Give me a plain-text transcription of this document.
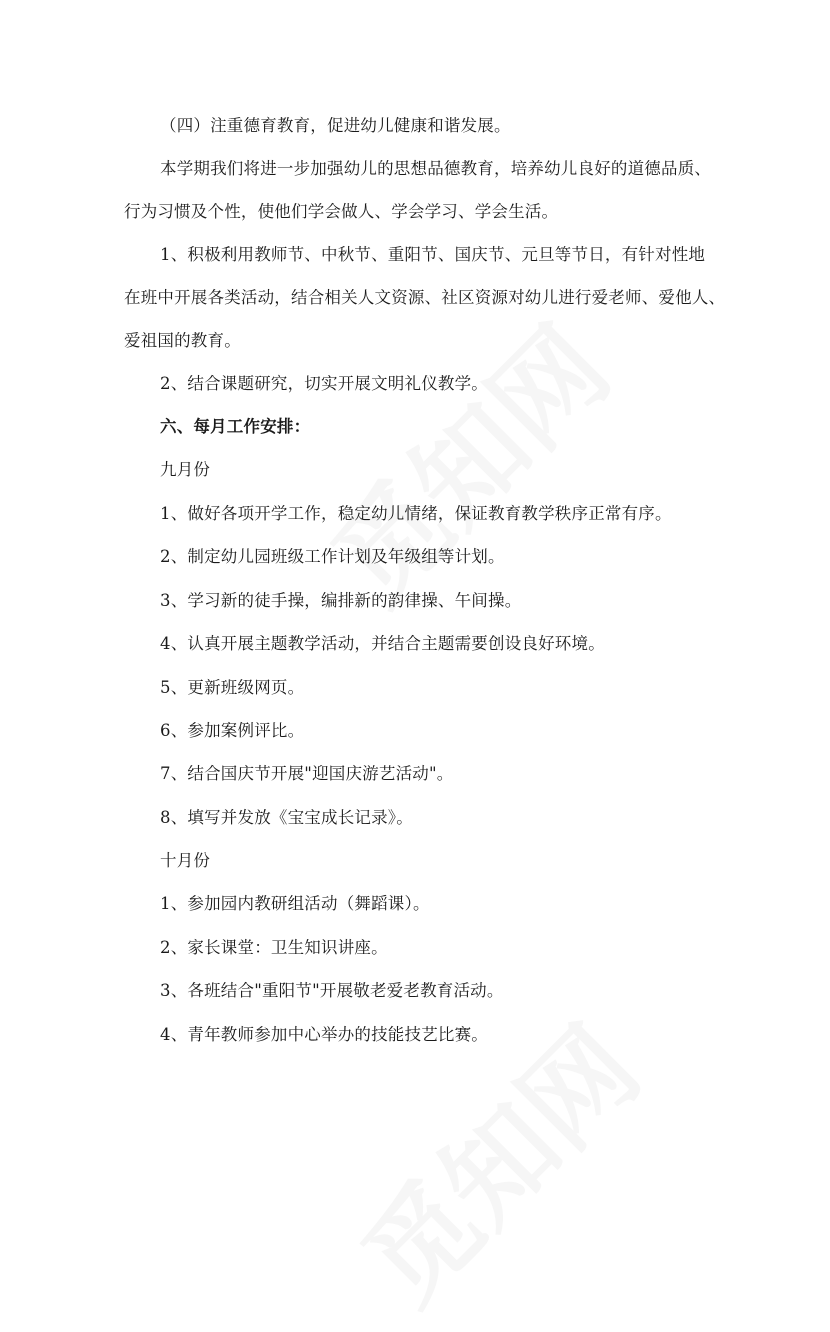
（四）注重德育教育，促进幼儿健康和谐发展。
本学期我们将进一步加强幼儿的思想品德教育，培养幼儿良好的道德品质、
行为习惯及个性，使他们学会做人、学会学习、学会生活。
1、积极利用教师节、中秋节、重阳节、国庆节、元旦等节日，有针对性地
在班中开展各类活动，结合相关人文资源、社区资源对幼儿进行爱老师、爱他人、
爱祖国的教育。
2、结合课题研究，切实开展文明礼仪教学。
六、每月工作安排：
九月份
1、做好各项开学工作，稳定幼儿情绪，保证教育教学秩序正常有序。
2、制定幼儿园班级工作计划及年级组等计划。
3、学习新的徒手操，编排新的韵律操、午间操。
4、认真开展主题教学活动，并结合主题需要创设良好环境。
5、更新班级网页。
6、参加案例评比。
7、结合国庆节开展"迎国庆游艺活动"。
8、填写并发放《宝宝成长记录》。
十月份
1、参加园内教研组活动（舞蹈课）。
2、家长课堂：卫生知识讲座。
3、各班结合"重阳节"开展敬老爱老教育活动。
4、青年教师参加中心举办的技能技艺比赛。
